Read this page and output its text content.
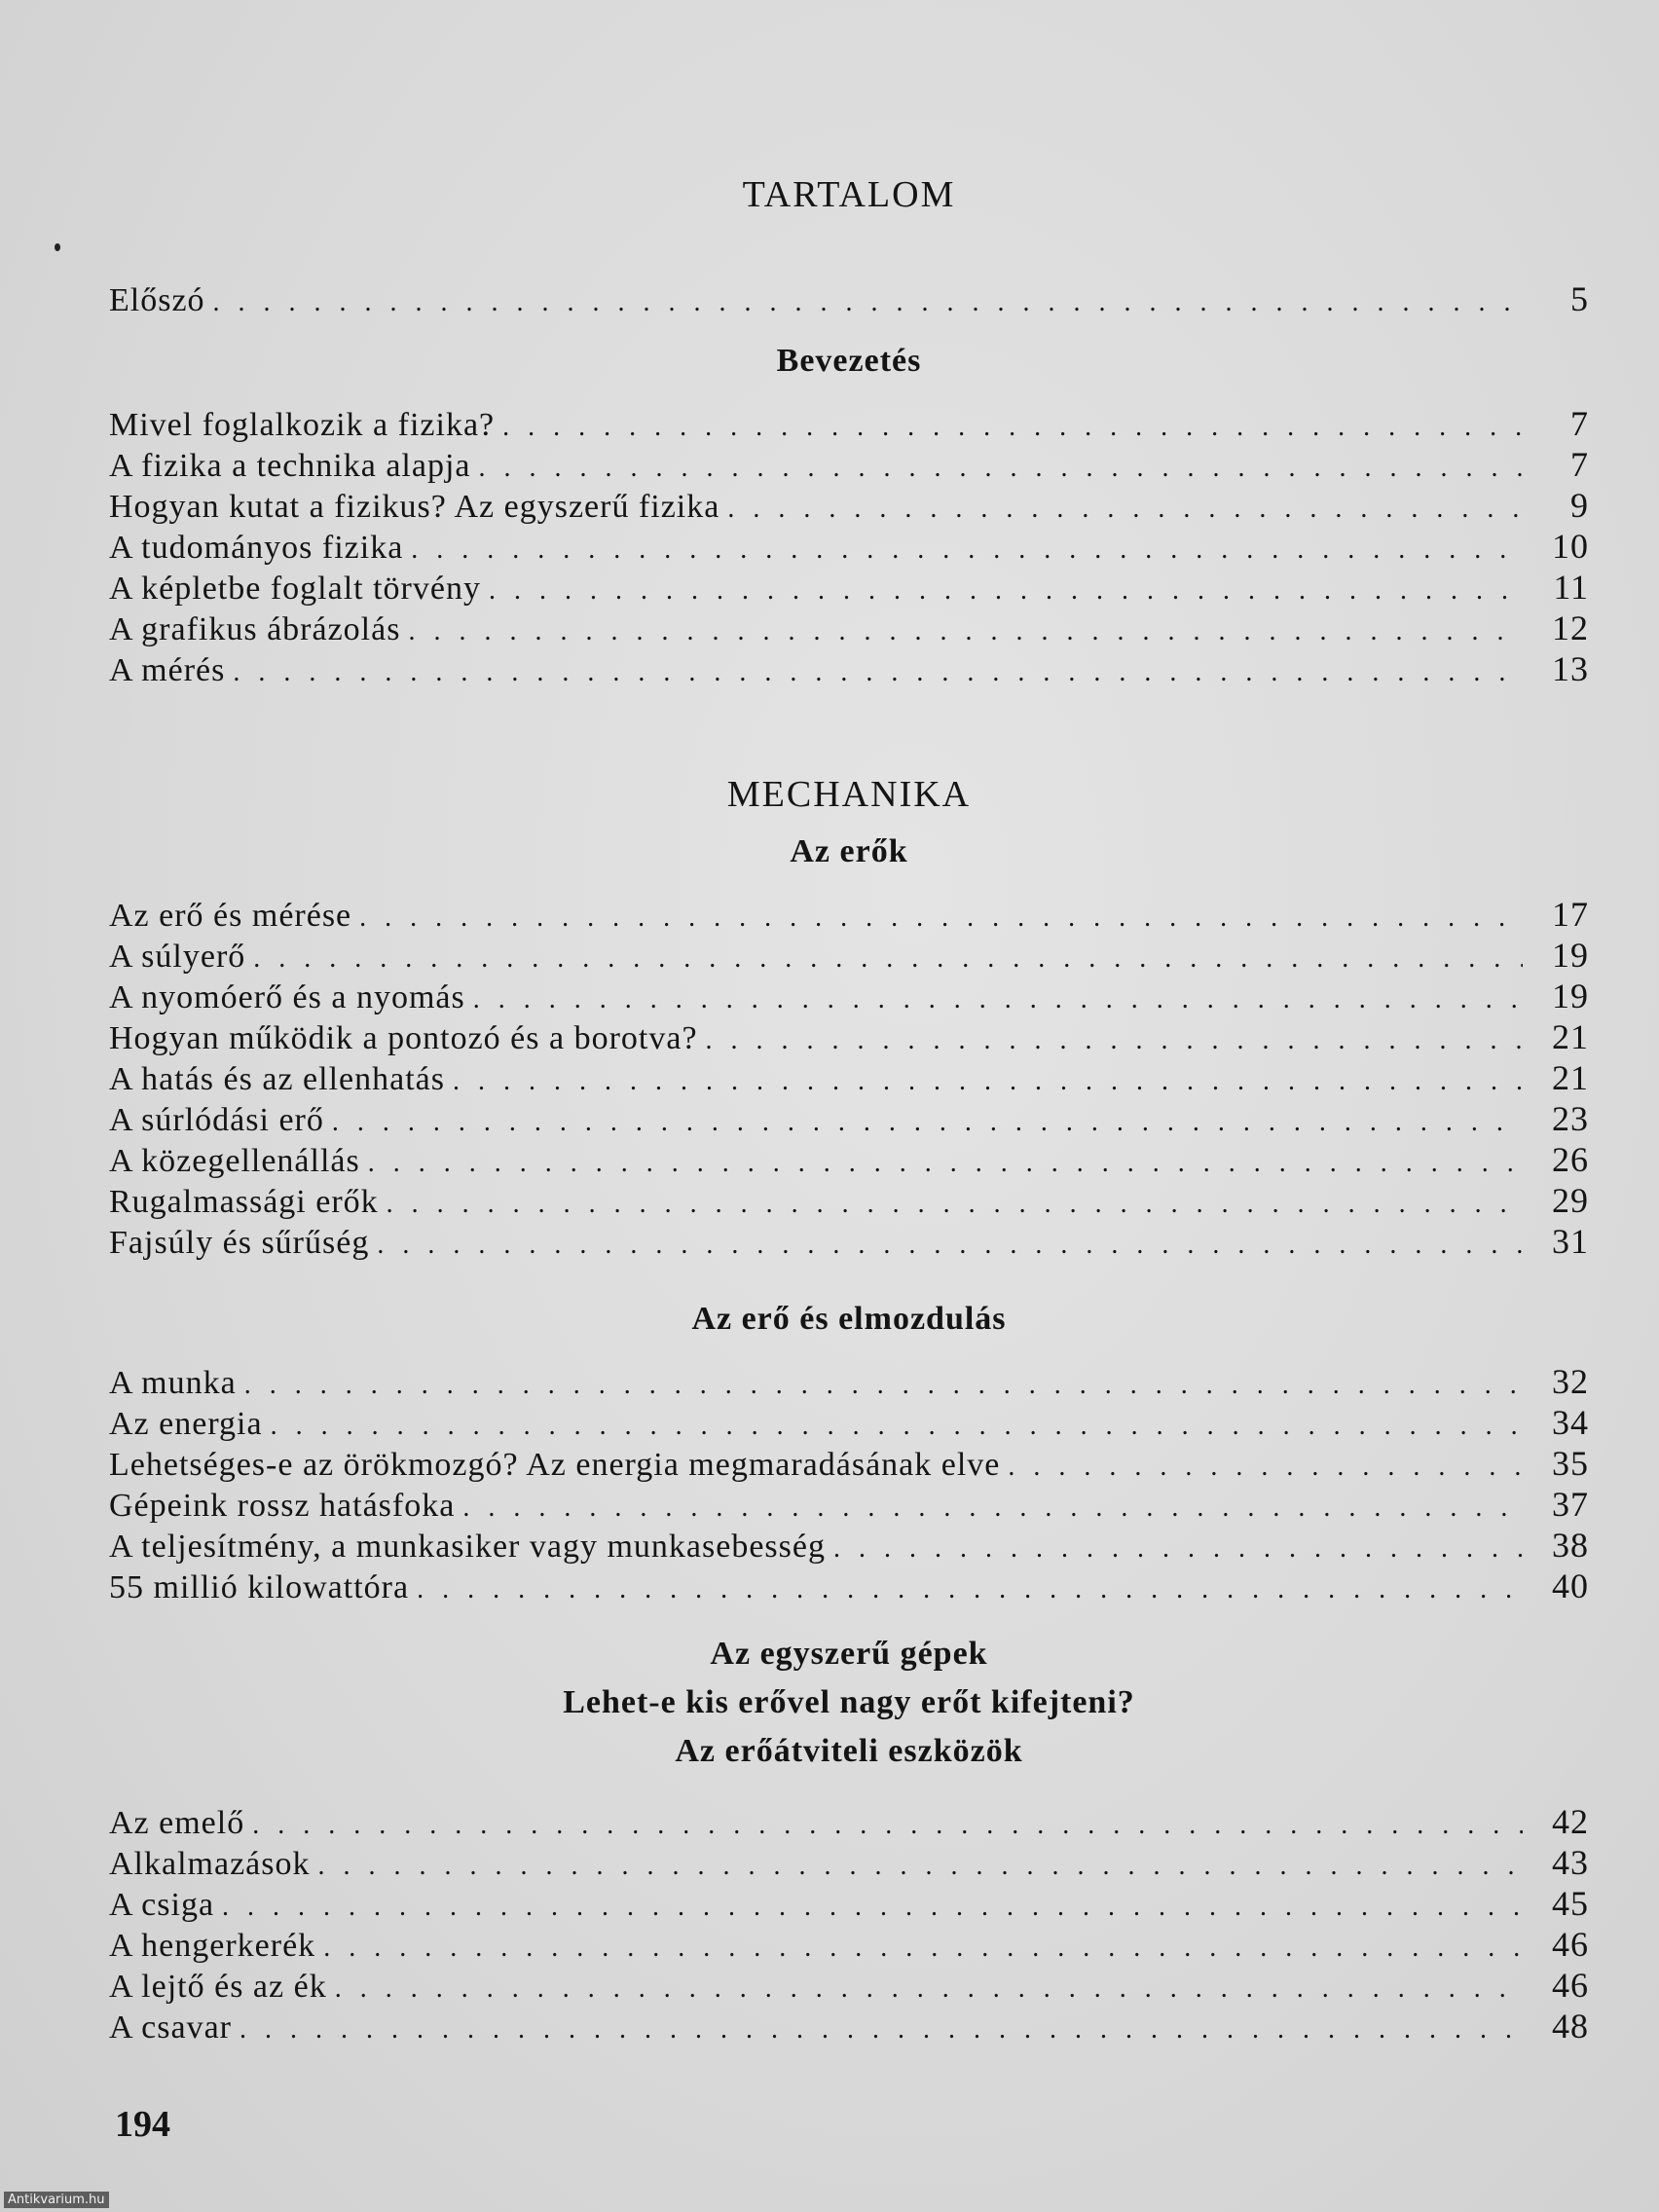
TARTALOM
Előszó . . .	5
Bevezetés
Mivel foglalkozik a fizika? . . .	7
A fizika a technika alapja . . .	7
Hogyan kutat a fizikus? Az egyszerű fizika . . .	9
A tudományos fizika . . .	10
A képletbe foglalt törvény . . .	11
A grafikus ábrázolás . . .	12
A mérés . . .	13
MECHANIKA
Az erők
Az erő és mérése . . .	17
A súlyerő . . .	19
A nyomóerő és a nyomás . . .	19
Hogyan működik a pontozó és a borotva? . . .	21
A hatás és az ellenhatás . . .	21
A súrlódási erő . . .	23
A közegellenállás . . .	26
Rugalmassági erők . . .	29
Fajsúly és sűrűség . . .	31
Az erő és elmozdulás
A munka . . .	32
Az energia . . .	34
Lehetséges-e az örökmozgó? Az energia megmaradásának elve . . .	35
Gépeink rossz hatásfoka . . .	37
A teljesítmény, a munkasiker vagy munkasebesség . . .	38
55 millió kilowattóra . . .	40
Az egyszerű gépek
Lehet-e kis erővel nagy erőt kifejteni?
Az erőátviteli eszközök
Az emelő . . .	42
Alkalmazások . . .	43
A csiga . . .	45
A hengerkerék . . .	46
A lejtő és az ék . . .	46
A csavar . . .	48
194
Antikvarium.hu
